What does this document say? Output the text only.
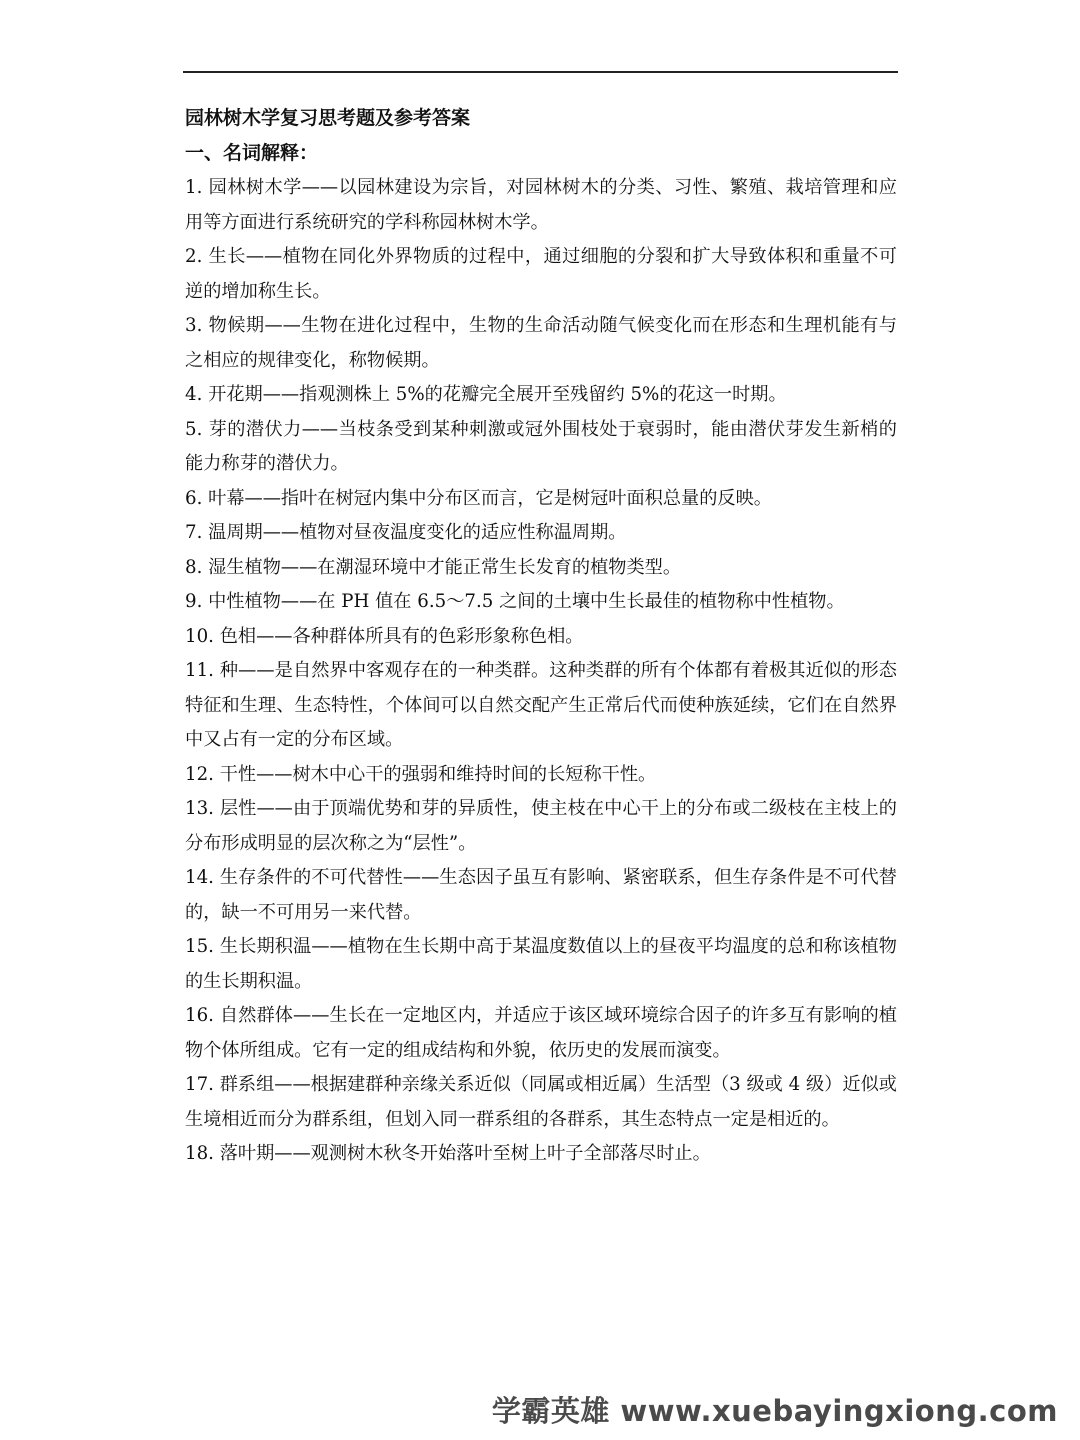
园林树木学复习思考题及参考答案
一、名词解释：
1. 园林树木学——以园林建设为宗旨，对园林树木的分类、习性、繁殖、栽培管理和应用等方面进行系统研究的学科称园林树木学。
2. 生长——植物在同化外界物质的过程中，通过细胞的分裂和扩大导致体积和重量不可逆的增加称生长。
3. 物候期——生物在进化过程中，生物的生命活动随气候变化而在形态和生理机能有与之相应的规律变化，称物候期。
4. 开花期——指观测株上 5%的花瓣完全展开至残留约 5%的花这一时期。
5. 芽的潜伏力——当枝条受到某种刺激或冠外围枝处于衰弱时，能由潜伏芽发生新梢的能力称芽的潜伏力。
6. 叶幕——指叶在树冠内集中分布区而言，它是树冠叶面积总量的反映。
7. 温周期——植物对昼夜温度变化的适应性称温周期。
8. 湿生植物——在潮湿环境中才能正常生长发育的植物类型。
9. 中性植物——在 PH 值在 6.5～7.5 之间的土壤中生长最佳的植物称中性植物。
10. 色相——各种群体所具有的色彩形象称色相。
11. 种——是自然界中客观存在的一种类群。这种类群的所有个体都有着极其近似的形态特征和生理、生态特性，个体间可以自然交配产生正常后代而使种族延续，它们在自然界中又占有一定的分布区域。
12. 干性——树木中心干的强弱和维持时间的长短称干性。
13. 层性——由于顶端优势和芽的异质性，使主枝在中心干上的分布或二级枝在主枝上的分布形成明显的层次称之为“层性”。
14. 生存条件的不可代替性——生态因子虽互有影响、紧密联系，但生存条件是不可代替的，缺一不可用另一来代替。
15. 生长期积温——植物在生长期中高于某温度数值以上的昼夜平均温度的总和称该植物的生长期积温。
16. 自然群体——生长在一定地区内，并适应于该区域环境综合因子的许多互有影响的植物个体所组成。它有一定的组成结构和外貌，依历史的发展而演变。
17. 群系组——根据建群种亲缘关系近似（同属或相近属）生活型（3 级或 4 级）近似或生境相近而分为群系组，但划入同一群系组的各群系，其生态特点一定是相近的。
18. 落叶期——观测树木秋冬开始落叶至树上叶子全部落尽时止。
学霸英雄 www.xuebayingxiong.com
